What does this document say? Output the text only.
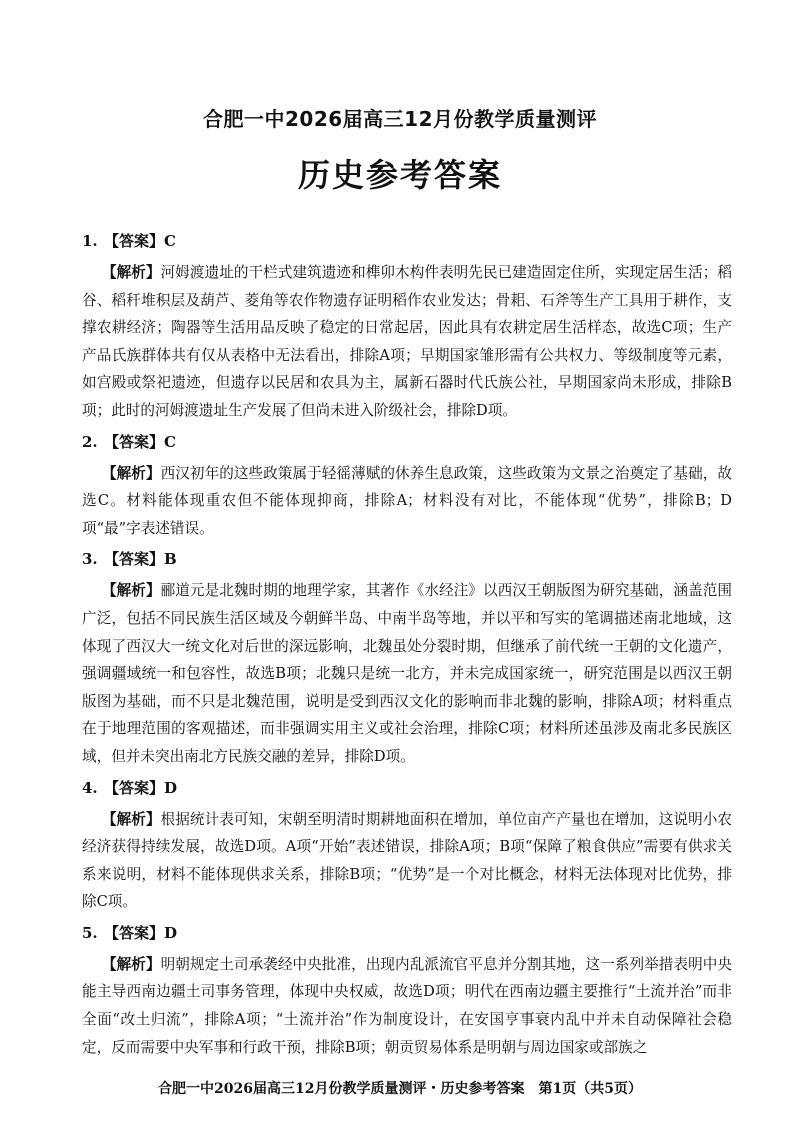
合肥一中2026届高三12月份教学质量测评
历史参考答案
1. 【答案】C

【解析】河姆渡遗址的干栏式建筑遗迹和榫卯木构件表明先民已建造固定住所，实现定居生活；稻谷、稻秆堆积层及葫芦、菱角等农作物遗存证明稻作农业发达；骨耜、石斧等生产工具用于耕作，支撑农耕经济；陶器等生活用品反映了稳定的日常起居，因此具有农耕定居生活样态，故选C项；生产产品氏族群体共有仅从表格中无法看出，排除A项；早期国家雏形需有公共权力、等级制度等元素，如宫殿或祭祀遗迹，但遗存以民居和农具为主，属新石器时代氏族公社，早期国家尚未形成，排除B项；此时的河姆渡遗址生产发展了但尚未进入阶级社会，排除D项。

2. 【答案】C

【解析】西汉初年的这些政策属于轻徭薄赋的休养生息政策，这些政策为文景之治奠定了基础，故选C。材料能体现重农但不能体现抑商，排除A；材料没有对比，不能体现“优势”，排除B；D项“最”字表述错误。

3. 【答案】B

【解析】郦道元是北魏时期的地理学家，其著作《水经注》以西汉王朝版图为研究基础，涵盖范围广泛，包括不同民族生活区域及今朝鲜半岛、中南半岛等地，并以平和写实的笔调描述南北地域，这体现了西汉大一统文化对后世的深远影响，北魏虽处分裂时期，但继承了前代统一王朝的文化遗产，强调疆域统一和包容性，故选B项；北魏只是统一北方，并未完成国家统一，研究范围是以西汉王朝版图为基础，而不只是北魏范围，说明是受到西汉文化的影响而非北魏的影响，排除A项；材料重点在于地理范围的客观描述，而非强调实用主义或社会治理，排除C项；材料所述虽涉及南北多民族区域，但并未突出南北方民族交融的差异，排除D项。

4. 【答案】D

【解析】根据统计表可知，宋朝至明清时期耕地面积在增加，单位亩产产量也在增加，这说明小农经济获得持续发展，故选D项。A项“开始”表述错误，排除A项；B项“保障了粮食供应”需要有供求关系来说明，材料不能体现供求关系，排除B项；“优势”是一个对比概念，材料无法体现对比优势，排除C项。

5. 【答案】D

【解析】明朝规定土司承袭经中央批准，出现内乱派流官平息并分割其地，这一系列举措表明中央能主导西南边疆土司事务管理，体现中央权威，故选D项；明代在西南边疆主要推行“土流并治”而非全面“改土归流”，排除A项；“土流并治”作为制度设计，在安国亨事衰内乱中并未自动保障社会稳定，反而需要中央军事和行政干预，排除B项；朝贡贸易体系是明朝与周边国家或部族之

合肥一中2026届高三12月份教学质量测评・历史参考答案　第1页（共5页）
